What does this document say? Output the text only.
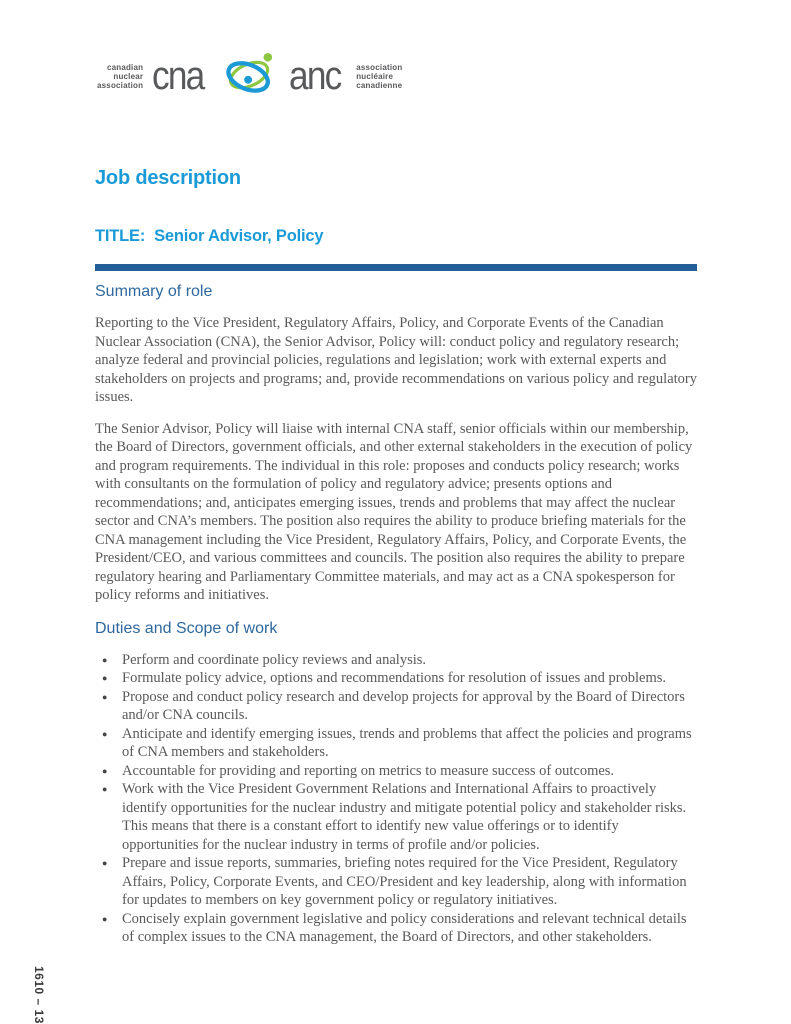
canadian
nuclear
association cna anc association
nucléaire
canadienne
Job description
TITLE: Senior Advisor, Policy
Summary of role

Reporting to the Vice President, Regulatory Affairs, Policy, and Corporate Events of the Canadian Nuclear Association (CNA), the Senior Advisor, Policy will: conduct policy and regulatory research; analyze federal and provincial policies, regulations and legislation; work with external experts and stakeholders on projects and programs; and, provide recommendations on various policy and regulatory issues.

The Senior Advisor, Policy will liaise with internal CNA staff, senior officials within our membership, the Board of Directors, government officials, and other external stakeholders in the execution of policy and program requirements. The individual in this role: proposes and conducts policy research; works with consultants on the formulation of policy and regulatory advice; presents options and recommendations; and, anticipates emerging issues, trends and problems that may affect the nuclear sector and CNA’s members. The position also requires the ability to produce briefing materials for the CNA management including the Vice President, Regulatory Affairs, Policy, and Corporate Events, the President/CEO, and various committees and councils. The position also requires the ability to prepare regulatory hearing and Parliamentary Committee materials, and may act as a CNA spokesperson for policy reforms and initiatives.

Duties and Scope of work
●	Perform and coordinate policy reviews and analysis.
●	Formulate policy advice, options and recommendations for resolution of issues and problems.
●	Propose and conduct policy research and develop projects for approval by the Board of Directors and/or CNA councils.
●	Anticipate and identify emerging issues, trends and problems that affect the policies and programs of CNA members and stakeholders.
●	Accountable for providing and reporting on metrics to measure success of outcomes.
●	Work with the Vice President Government Relations and International Affairs to proactively identify opportunities for the nuclear industry and mitigate potential policy and stakeholder risks. This means that there is a constant effort to identify new value offerings or to identify opportunities for the nuclear industry in terms of profile and/or policies.
●	Prepare and issue reports, summaries, briefing notes required for the Vice President, Regulatory Affairs, Policy, Corporate Events, and CEO/President and key leadership, along with information for updates to members on key government policy or regulatory initiatives.
●	Concisely explain government legislative and policy considerations and relevant technical details of complex issues to the CNA management, the Board of Directors, and other stakeholders.
1610 – 13
